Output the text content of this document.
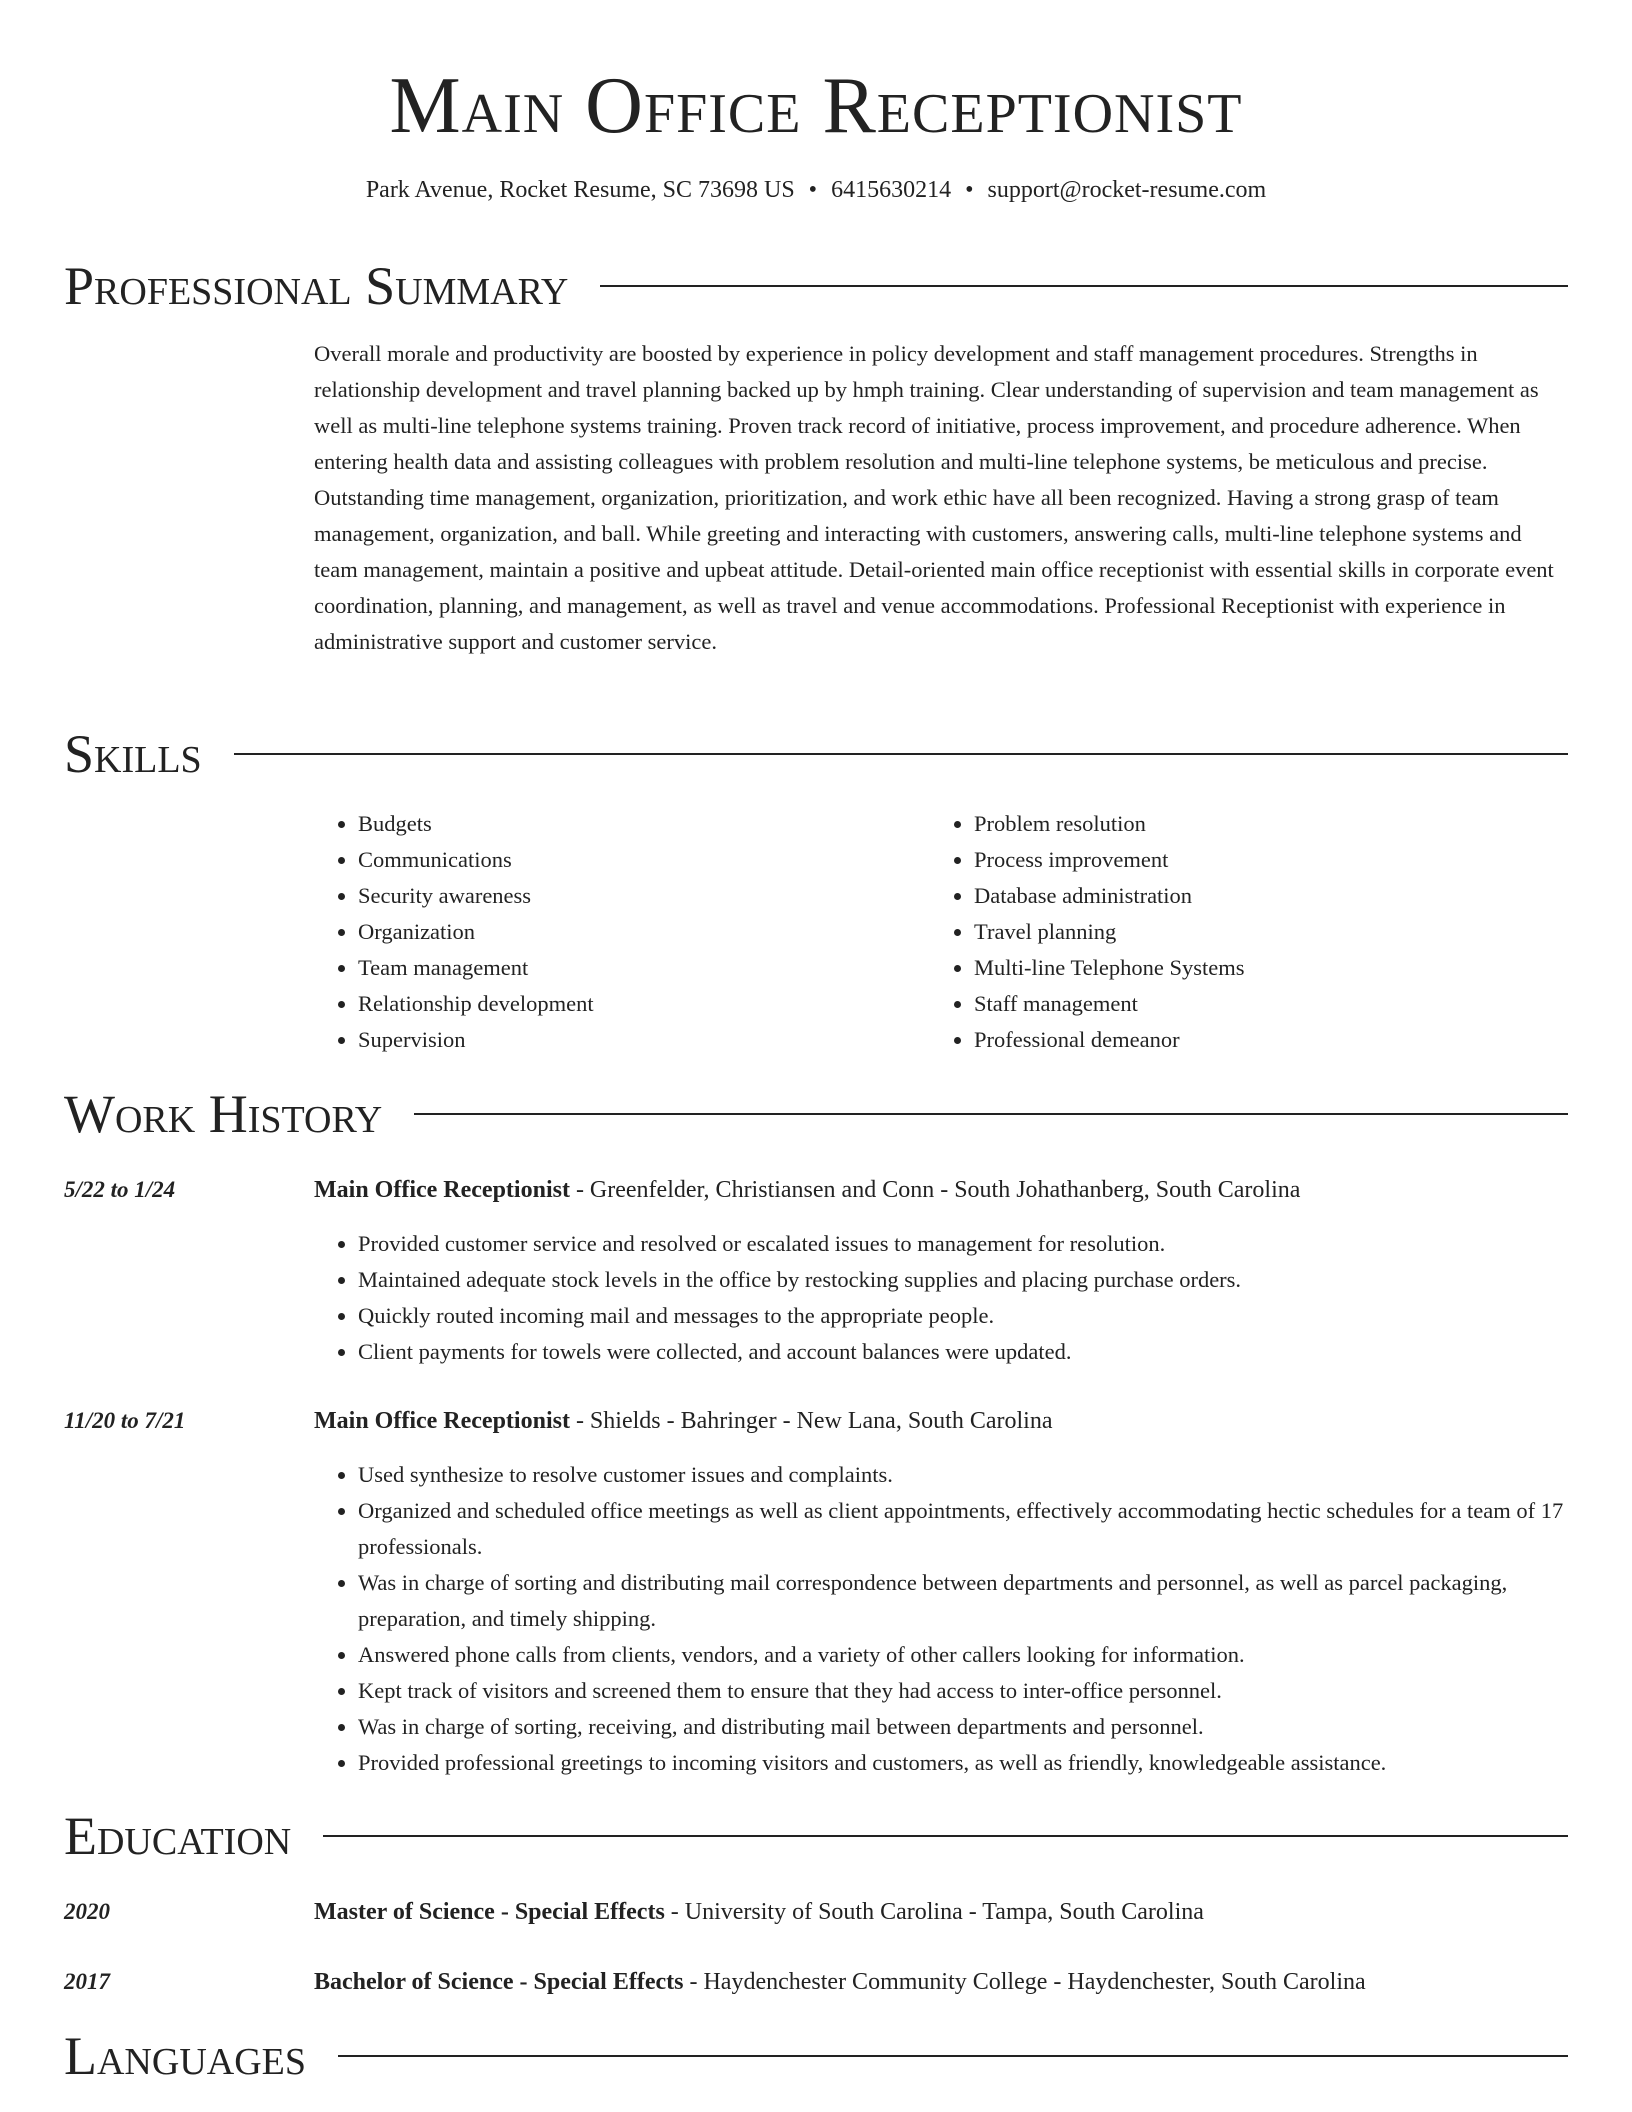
Main Office Receptionist
Park Avenue, Rocket Resume, SC 73698 US • 6415630214 • support@rocket-resume.com
Professional Summary
Overall morale and productivity are boosted by experience in policy development and staff management procedures. Strengths in relationship development and travel planning backed up by hmph training. Clear understanding of supervision and team management as well as multi-line telephone systems training. Proven track record of initiative, process improvement, and procedure adherence. When entering health data and assisting colleagues with problem resolution and multi-line telephone systems, be meticulous and precise. Outstanding time management, organization, prioritization, and work ethic have all been recognized. Having a strong grasp of team management, organization, and ball. While greeting and interacting with customers, answering calls, multi-line telephone systems and team management, maintain a positive and upbeat attitude. Detail-oriented main office receptionist with essential skills in corporate event coordination, planning, and management, as well as travel and venue accommodations. Professional Receptionist with experience in administrative support and customer service.
Skills
• Budgets
• Communications
• Security awareness
• Organization
• Team management
• Relationship development
• Supervision
• Problem resolution
• Process improvement
• Database administration
• Travel planning
• Multi-line Telephone Systems
• Staff management
• Professional demeanor
Work History
5/22 to 1/24	Main Office Receptionist - Greenfelder, Christiansen and Conn - South Johathanberg, South Carolina
• Provided customer service and resolved or escalated issues to management for resolution.
• Maintained adequate stock levels in the office by restocking supplies and placing purchase orders.
• Quickly routed incoming mail and messages to the appropriate people.
• Client payments for towels were collected, and account balances were updated.
11/20 to 7/21	Main Office Receptionist - Shields - Bahringer - New Lana, South Carolina
• Used synthesize to resolve customer issues and complaints.
• Organized and scheduled office meetings as well as client appointments, effectively accommodating hectic schedules for a team of 17 professionals.
• Was in charge of sorting and distributing mail correspondence between departments and personnel, as well as parcel packaging, preparation, and timely shipping.
• Answered phone calls from clients, vendors, and a variety of other callers looking for information.
• Kept track of visitors and screened them to ensure that they had access to inter-office personnel.
• Was in charge of sorting, receiving, and distributing mail between departments and personnel.
• Provided professional greetings to incoming visitors and customers, as well as friendly, knowledgeable assistance.
Education
2020	Master of Science - Special Effects - University of South Carolina - Tampa, South Carolina
2017	Bachelor of Science - Special Effects - Haydenchester Community College - Haydenchester, South Carolina
Languages
